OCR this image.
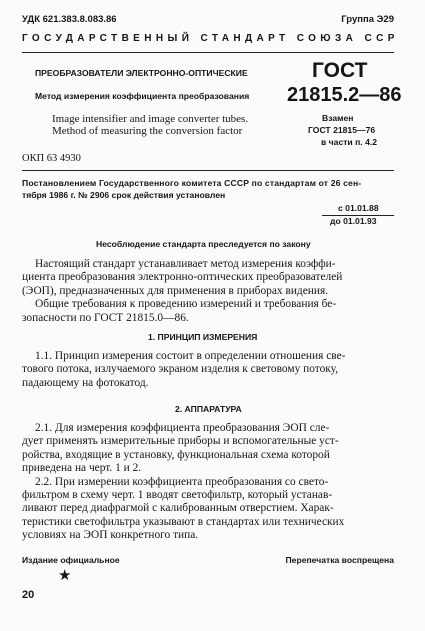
УДК 621.383.8.083.86	Группа Э29
ГОСУДАРСТВЕННЫЙ СТАНДАРТ СОЮЗА ССР
ПРЕОБРАЗОВАТЕЛИ ЭЛЕКТРОННО-ОПТИЧЕСКИЕ
Метод измерения коэффициента преобразования
Image intensifier and image converter tubes.
Method of measuring the conversion factor
ГОСТ
21815.2—86
Взамен
ГОСТ 21815—76
в части п. 4.2
ОКП 63 4930
Постановлением Государственного комитета СССР по стандартам от 26 сен-
тября 1986 г. № 2906 срок действия установлен
с 01.01.88
до 01.01.93
Несоблюдение стандарта преследуется по закону

Настоящий стандарт устанавливает метод измерения коэффи-

циента преобразования электронно-оптических преобразователей

(ЭОП), предназначенных для применения в приборах видения.

Общие требования к проведению измерений и требования бе-

зопасности по ГОСТ 21815.0—86.

1. ПРИНЦИП ИЗМЕРЕНИЯ

1.1. Принцип измерения состоит в определении отношения све-

тового потока, излучаемого экраном изделия к световому потоку,

падающему на фотокатод.

2. АППАРАТУРА

2.1. Для измерения коэффициента преобразования ЭОП сле-

дует применять измерительные приборы и вспомогательные уст-

ройства, входящие в установку, функциональная схема которой

приведена на черт. 1 и 2.

2.2. При измерении коэффициента преобразования со свето-

фильтром в схему черт. 1 вводят светофильтр, который устанав-

ливают перед диафрагмой с калиброванным отверстием. Харак-

теристики светофильтра указывают в стандартах или технических

условиях на ЭОП конкретного типа.

Издание официальное
★
Перепечатка воспрещена
20
